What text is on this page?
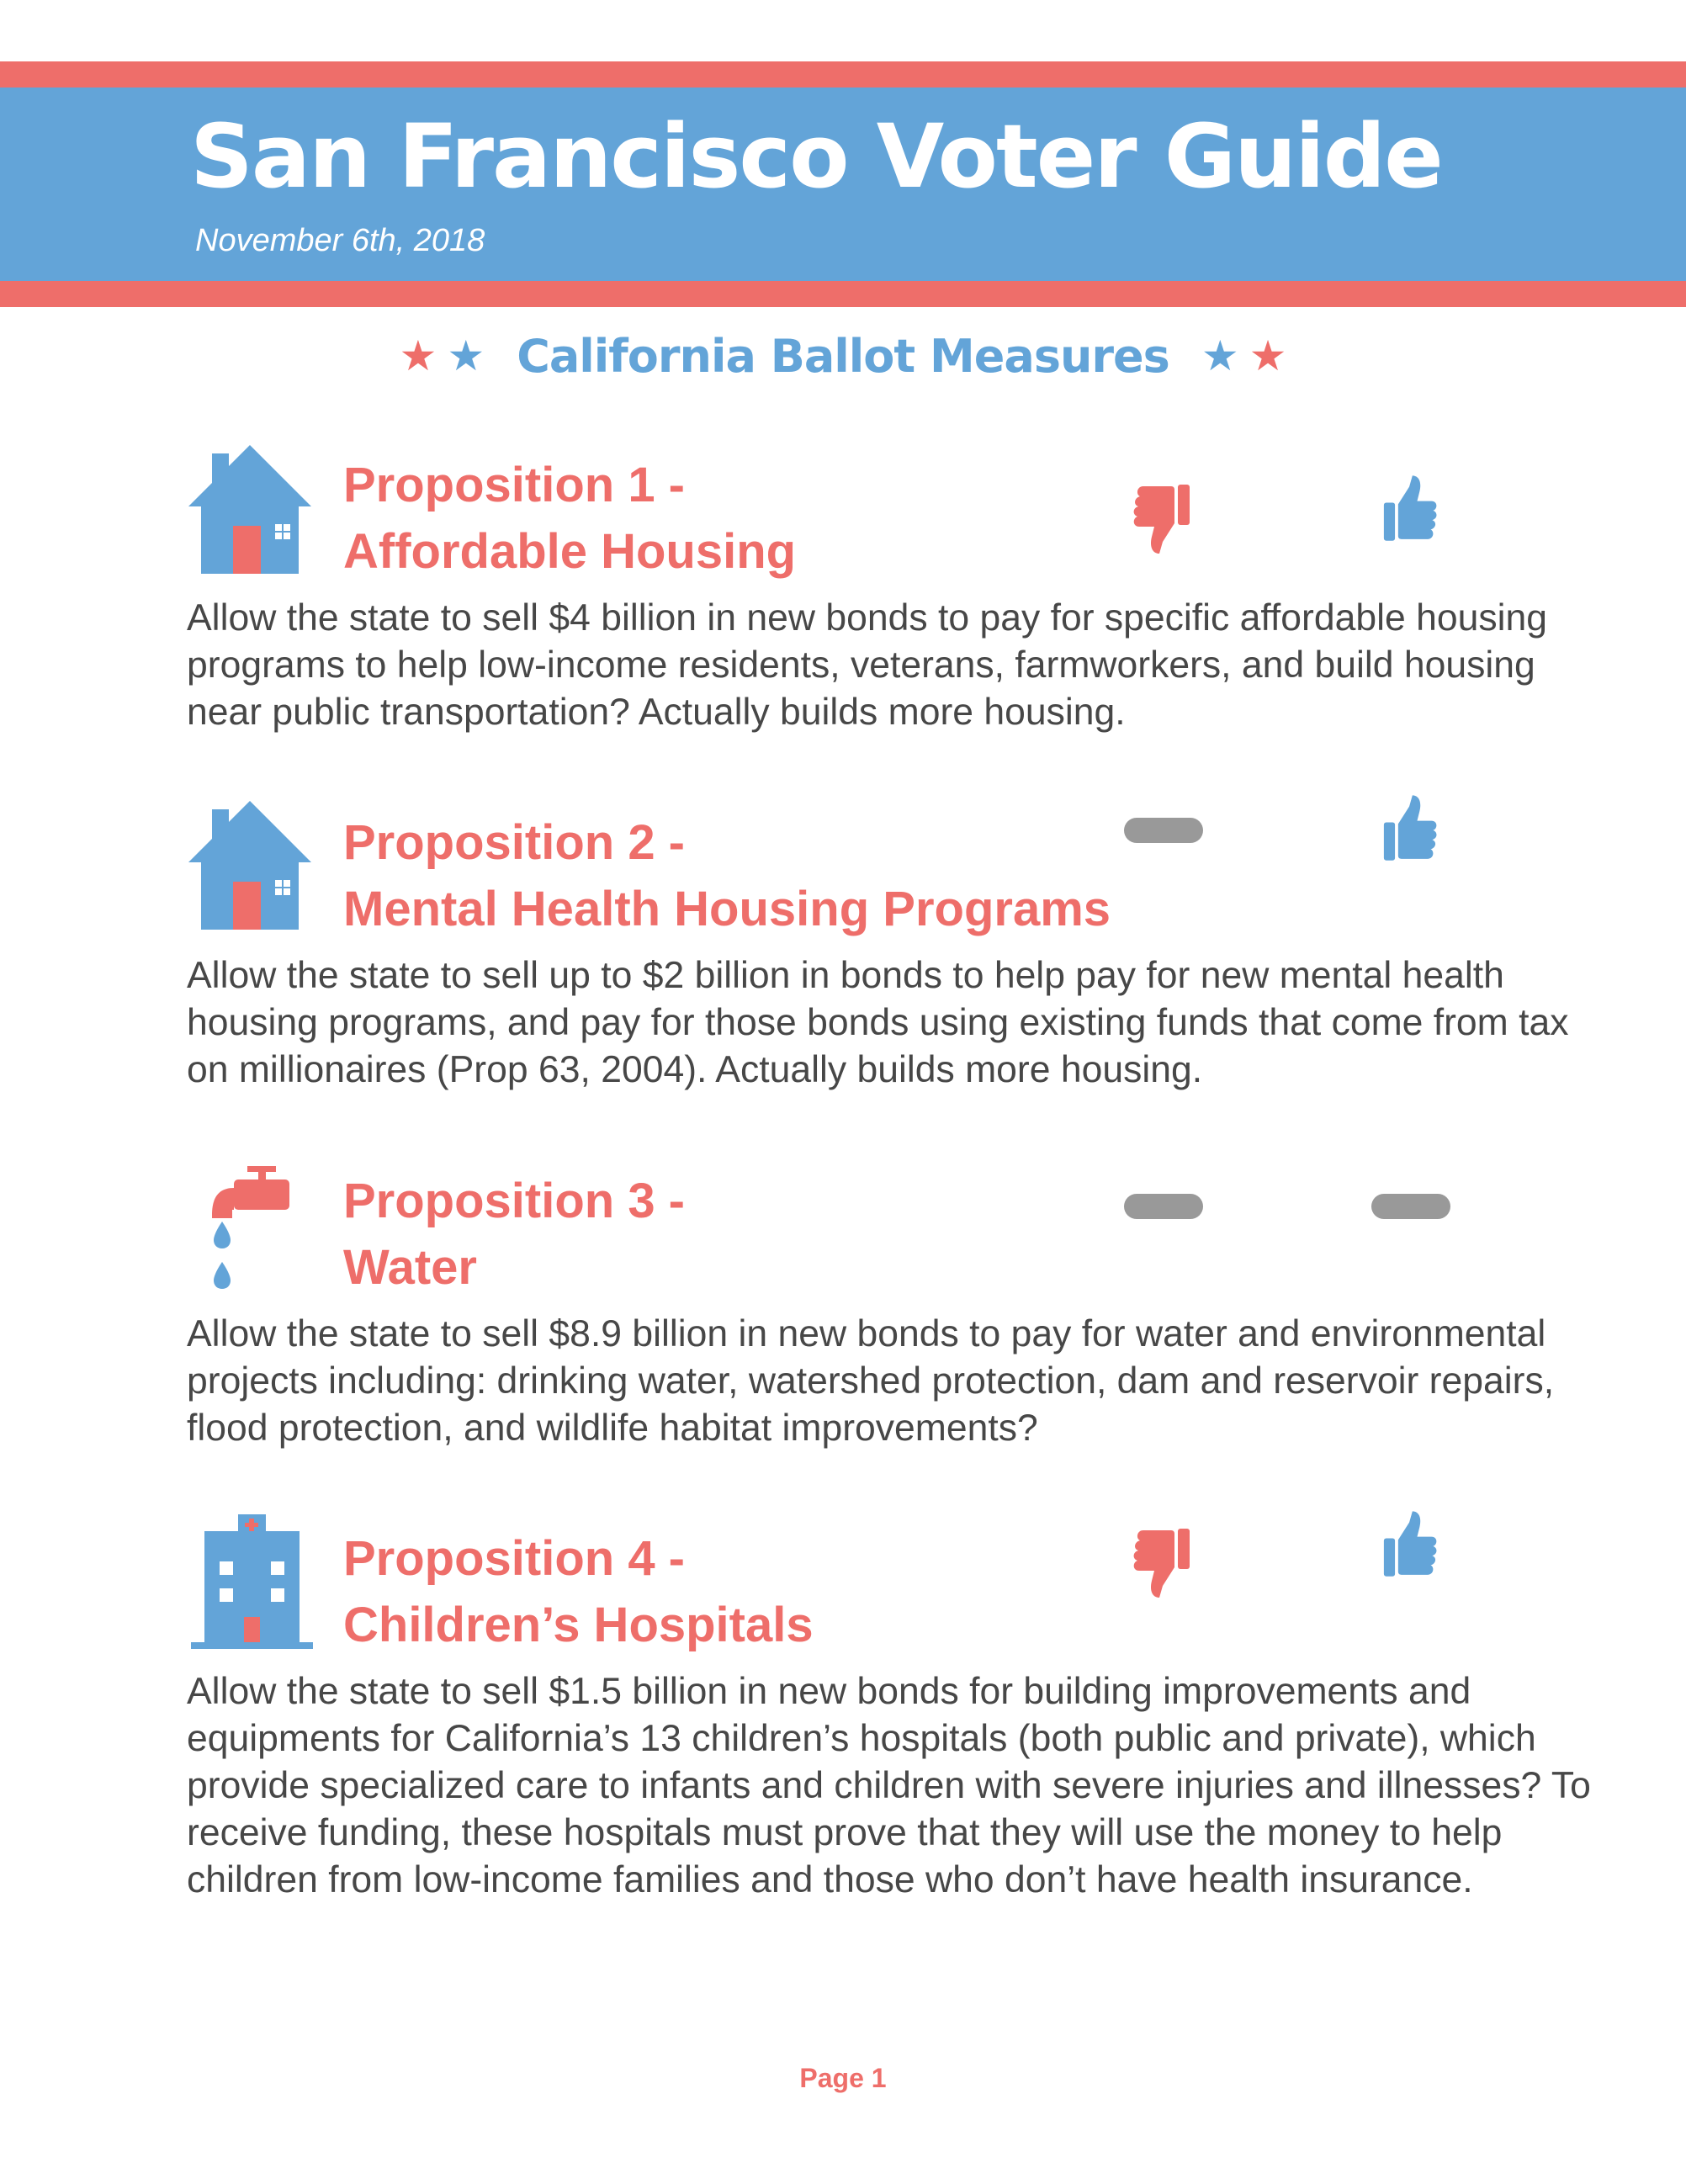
San Francisco Voter Guide
November 6th, 2018
★ ★ California Ballot Measures ★ ★
Proposition 1 -
Affordable Housing
Allow the state to sell $4 billion in new bonds to pay for specific affordable housing programs to help low-income residents, veterans, farmworkers, and build housing near public transportation? Actually builds more housing.
Proposition 2 -
Mental Health Housing Programs
Allow the state to sell up to $2 billion in bonds to help pay for new mental health housing programs, and pay for those bonds using existing funds that come from tax on millionaires (Prop 63, 2004). Actually builds more housing.
Proposition 3 -
Water
Allow the state to sell $8.9 billion in new bonds to pay for water and environmental projects including: drinking water, watershed protection, dam and reservoir repairs, flood protection, and wildlife habitat improvements?
Proposition 4 -
Children’s Hospitals
Allow the state to sell $1.5 billion in new bonds for building improvements and equipments for California’s 13 children’s hospitals (both public and private), which provide specialized care to infants and children with severe injuries and illnesses? To receive funding, these hospitals must prove that they will use the money to help children from low-income families and those who don’t have health insurance.
Page 1
